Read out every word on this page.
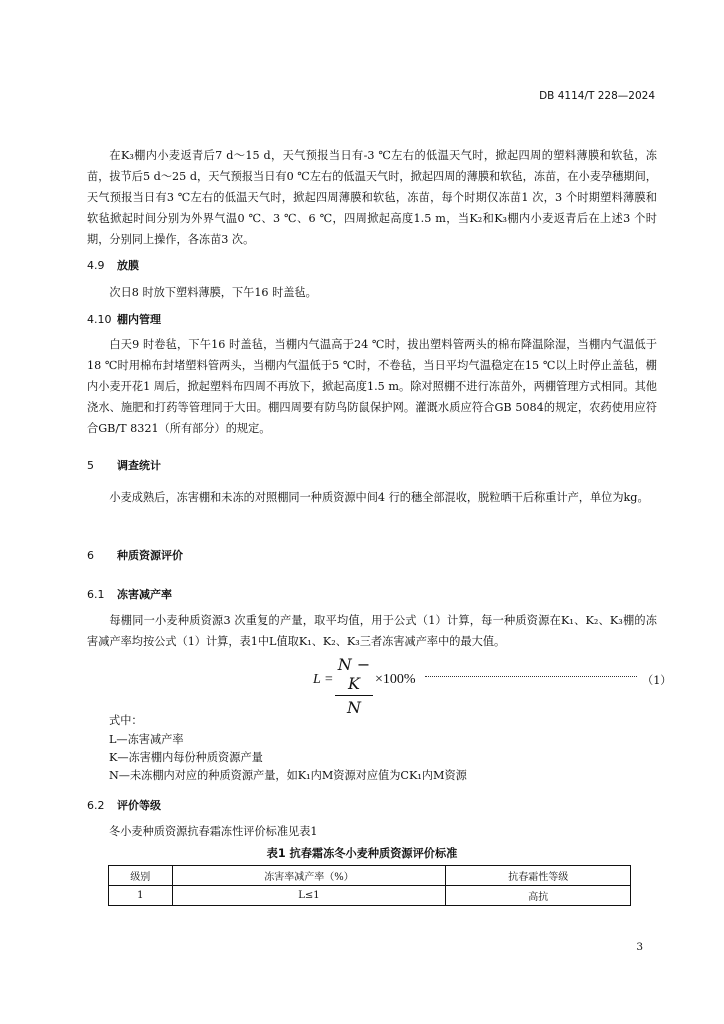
DB 4114/T 228—2024
在K₃棚内小麦返青后7 d～15 d，天气预报当日有-3 ℃左右的低温天气时，掀起四周的塑料薄膜和软毡，冻苗，拔节后5 d～25 d，天气预报当日有0 ℃左右的低温天气时，掀起四周的薄膜和软毡，冻苗，在小麦孕穗期间，天气预报当日有3 ℃左右的低温天气时，掀起四周薄膜和软毡，冻苗，每个时期仅冻苗1 次，3 个时期塑料薄膜和软毡掀起时间分别为外界气温0 ℃、3 ℃、6 ℃，四周掀起高度1.5 m，当K₂和K₃棚内小麦返青后在上述3 个时期，分别同上操作，各冻苗3 次。
4.9 放膜
次日8 时放下塑料薄膜，下午16 时盖毡。
4.10 棚内管理
白天9 时卷毡，下午16 时盖毡，当棚内气温高于24 ℃时，拔出塑料管两头的棉布降温除湿，当棚内气温低于18 ℃时用棉布封堵塑料管两头，当棚内气温低于5 ℃时，不卷毡，当日平均气温稳定在15 ℃以上时停止盖毡，棚内小麦开花1 周后，掀起塑料布四周不再放下，掀起高度1.5 m。除对照棚不进行冻苗外，两棚管理方式相同。其他浇水、施肥和打药等管理同于大田。棚四周要有防鸟防鼠保护网。灌溉水质应符合GB 5084的规定，农药使用应符合GB/T 8321（所有部分）的规定。
5 调查统计
小麦成熟后，冻害棚和未冻的对照棚同一种质资源中间4 行的穗全部混收，脱粒晒干后称重计产，单位为kg。
6 种质资源评价
6.1 冻害减产率
每棚同一小麦种质资源3 次重复的产量，取平均值，用于公式（1）计算，每一种质资源在K₁、K₂、K₃棚的冻害减产率均按公式（1）计算，表1中L值取K₁、K₂、K₃三者冻害减产率中的最大值。
L =
N − K
N
×100%	（1）
式中：
L—冻害减产率
K—冻害棚内每份种质资源产量
N—未冻棚内对应的种质资源产量，如K₁内M资源对应值为CK₁内M资源
6.2 评价等级
冬小麦种质资源抗春霜冻性评价标准见表1
表1 抗春霜冻冬小麦种质资源评价标准
级别	冻害率减产率（%）	抗春霜性等级
1	L≤1	高抗
3
